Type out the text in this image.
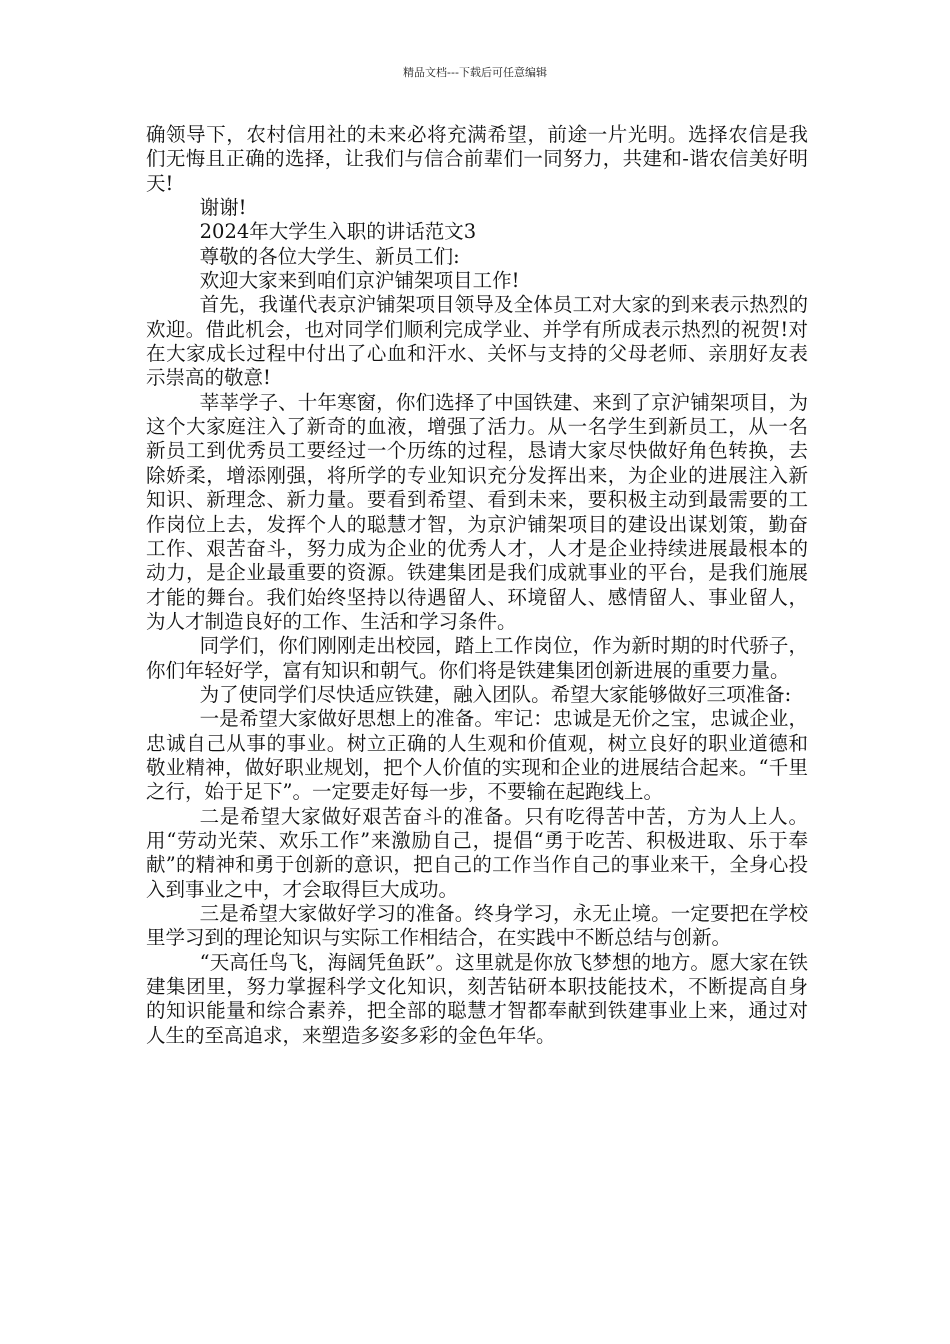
精品文档---下载后可任意编辑

确领导下，农村信用社的未来必将充满希望，前途一片光明。选择农信是我们无悔且正确的选择，让我们与信合前辈们一同努力，共建和-谐农信美好明天!

谢谢!

2024年大学生入职的讲话范文3

尊敬的各位大学生、新员工们:

欢迎大家来到咱们京沪铺架项目工作!

首先，我谨代表京沪铺架项目领导及全体员工对大家的到来表示热烈的欢迎。借此机会，也对同学们顺利完成学业、并学有所成表示热烈的祝贺!对在大家成长过程中付出了心血和汗水、关怀与支持的父母老师、亲朋好友表示崇高的敬意!

莘莘学子、十年寒窗，你们选择了中国铁建、来到了京沪铺架项目，为这个大家庭注入了新奇的血液，增强了活力。从一名学生到新员工，从一名新员工到优秀员工要经过一个历练的过程，恳请大家尽快做好角色转换，去除娇柔，增添刚强，将所学的专业知识充分发挥出来，为企业的进展注入新知识、新理念、新力量。要看到希望、看到未来，要积极主动到最需要的工作岗位上去，发挥个人的聪慧才智，为京沪铺架项目的建设出谋划策，勤奋工作、艰苦奋斗，努力成为企业的优秀人才，人才是企业持续进展最根本的动力，是企业最重要的资源。铁建集团是我们成就事业的平台，是我们施展才能的舞台。我们始终坚持以待遇留人、环境留人、感情留人、事业留人，为人才制造良好的工作、生活和学习条件。

同学们，你们刚刚走出校园，踏上工作岗位，作为新时期的时代骄子，你们年轻好学，富有知识和朝气。你们将是铁建集团创新进展的重要力量。

为了使同学们尽快适应铁建，融入团队。希望大家能够做好三项准备:

一是希望大家做好思想上的准备。牢记：忠诚是无价之宝，忠诚企业，忠诚自己从事的事业。树立正确的人生观和价值观，树立良好的职业道德和敬业精神，做好职业规划，把个人价值的实现和企业的进展结合起来。“千里之行，始于足下”。一定要走好每一步，不要输在起跑线上。

二是希望大家做好艰苦奋斗的准备。只有吃得苦中苦，方为人上人。用“劳动光荣、欢乐工作”来激励自己，提倡“勇于吃苦、积极进取、乐于奉献”的精神和勇于创新的意识，把自己的工作当作自己的事业来干，全身心投入到事业之中，才会取得巨大成功。

三是希望大家做好学习的准备。终身学习，永无止境。一定要把在学校里学习到的理论知识与实际工作相结合，在实践中不断总结与创新。

“天高任鸟飞，海阔凭鱼跃”。这里就是你放飞梦想的地方。愿大家在铁建集团里，努力掌握科学文化知识，刻苦钻研本职技能技术，不断提高自身的知识能量和综合素养，把全部的聪慧才智都奉献到铁建事业上来，通过对人生的至高追求，来塑造多姿多彩的金色年华。
